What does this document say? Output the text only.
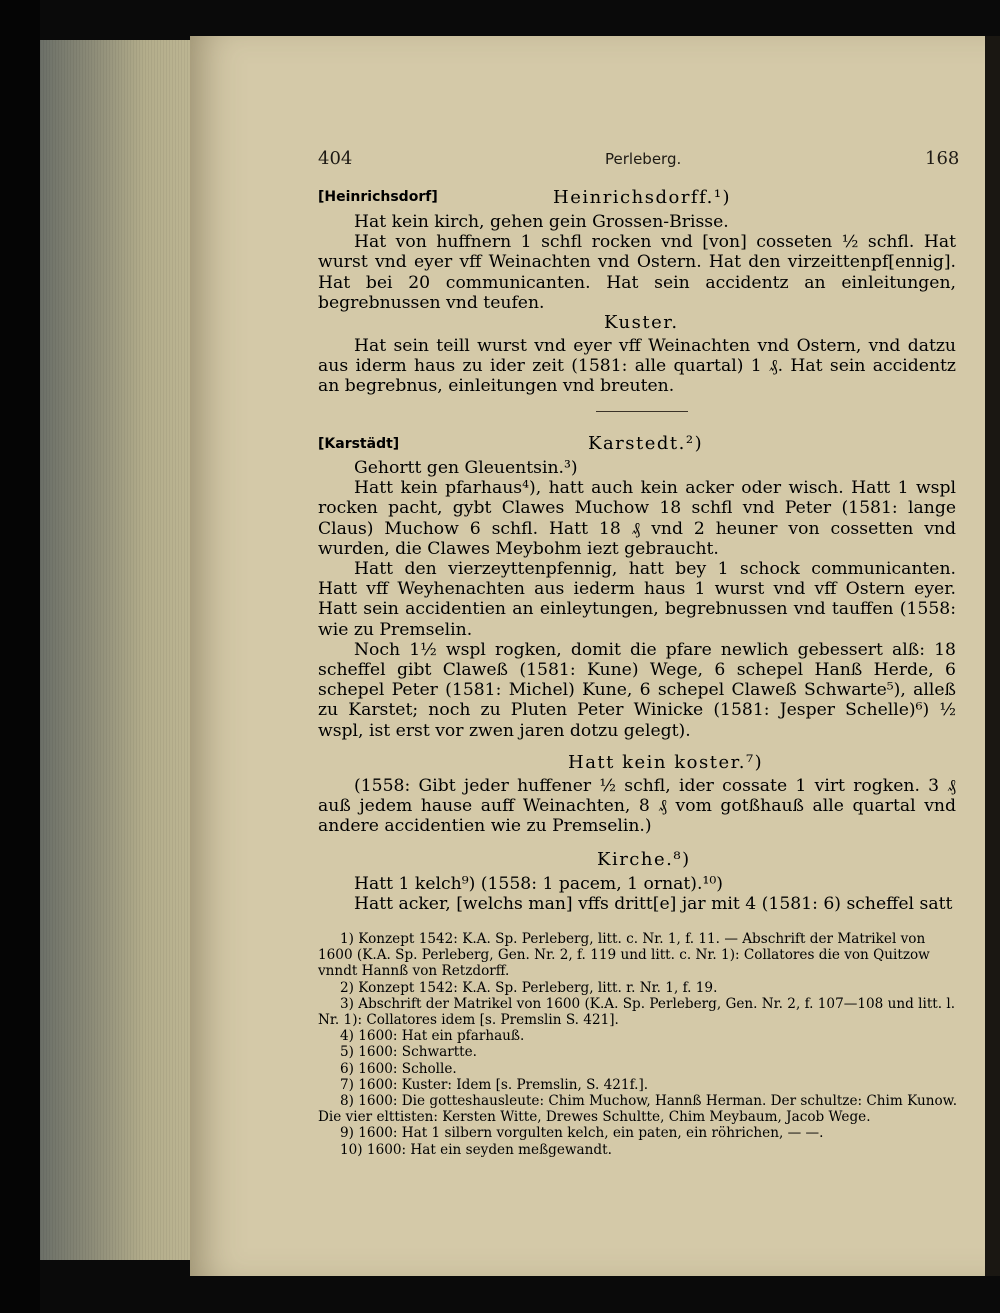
404	Perleberg.	168
[Heinrichsdorf]	Heinrichsdorff.¹)

Hat kein kirch, gehen gein Grossen-Brisse.

Hat von huffnern 1 schfl rocken vnd [von] cosseten ½ schfl. Hat wurst vnd eyer vff Weinachten vnd Ostern. Hat den virzeittenpf[ennig]. Hat bei 20 communicanten. Hat sein accidentz an einleitungen, begrebnussen vnd teufen.

Kuster.

Hat sein teill wurst vnd eyer vff Weinachten vnd Ostern, vnd datzu aus iderm haus zu ider zeit (1581: alle quartal) 1 ₰. Hat sein accidentz an begrebnus, einleitungen vnd breuten.

[Karstädt]	Karstedt.²)

Gehortt gen Gleuentsin.³)

Hatt kein pfarhaus⁴), hatt auch kein acker oder wisch. Hatt 1 wspl rocken pacht, gybt Clawes Muchow 18 schfl vnd Peter (1581: lange Claus) Muchow 6 schfl. Hatt 18 ₰ vnd 2 heuner von cossetten vnd wurden, die Clawes Meybohm iezt gebraucht.

Hatt den vierzeyttenpfennig, hatt bey 1 schock communicanten. Hatt vff Weyhenachten aus iederm haus 1 wurst vnd vff Ostern eyer. Hatt sein accidentien an einleytungen, begrebnussen vnd tauffen (1558: wie zu Premselin.

Noch 1½ wspl rogken, domit die pfare newlich gebessert alß: 18 scheffel gibt Claweß (1581: Kune) Wege, 6 schepel Hanß Herde, 6 schepel Peter (1581: Michel) Kune, 6 schepel Claweß Schwarte⁵), alleß zu Karstet; noch zu Pluten Peter Winicke (1581: Jesper Schelle)⁶) ½ wspl, ist erst vor zwen jaren dotzu gelegt).

Hatt kein koster.⁷)

(1558: Gibt jeder huffener ½ schfl, ider cossate 1 virt rogken. 3 ₰ auß jedem hause auff Weinachten, 8 ₰ vom gotßhauß alle quartal vnd andere accidentien wie zu Premselin.)

Kirche.⁸)

Hatt 1 kelch⁹) (1558: 1 pacem, 1 ornat).¹⁰)

Hatt acker, [welchs man] vffs dritt[e] jar mit 4 (1581: 6) scheffel satt

1) Konzept 1542: K.A. Sp. Perleberg, litt. c. Nr. 1, f. 11. — Abschrift der Matrikel von 1600 (K.A. Sp. Perleberg, Gen. Nr. 2, f. 119 und litt. c. Nr. 1): Collatores die von Quitzow vnndt Hannß von Retzdorff.

2) Konzept 1542: K.A. Sp. Perleberg, litt. r. Nr. 1, f. 19.

3) Abschrift der Matrikel von 1600 (K.A. Sp. Perleberg, Gen. Nr. 2, f. 107—108 und litt. l. Nr. 1): Collatores idem [s. Premslin S. 421].

4) 1600: Hat ein pfarhauß.

5) 1600: Schwartte.

6) 1600: Scholle.

7) 1600: Kuster: Idem [s. Premslin, S. 421f.].

8) 1600: Die gotteshausleute: Chim Muchow, Hannß Herman. Der schultze: Chim Kunow. Die vier elttisten: Kersten Witte, Drewes Schultte, Chim Meybaum, Jacob Wege.

9) 1600: Hat 1 silbern vorgulten kelch, ein paten, ein röhrichen, — —.

10) 1600: Hat ein seyden meßgewandt.
